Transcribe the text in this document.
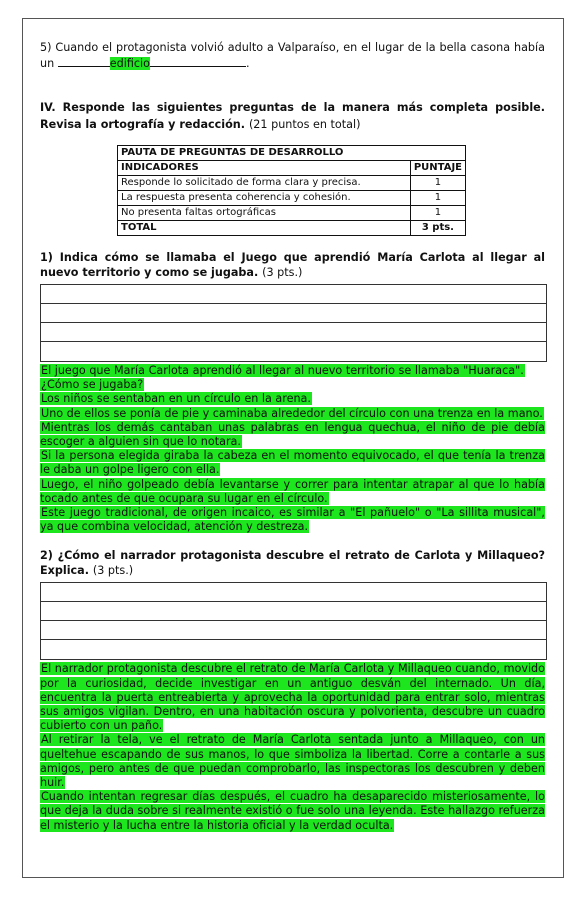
5) Cuando el protagonista volvió adulto a Valparaíso, en el lugar de la bella casona había un	edificio	.

IV. Responde las siguientes preguntas de la manera más completa posible. Revisa la ortografía y redacción. (21 puntos en total)

PAUTA DE PREGUNTAS DE DESARROLLO	
INDICADORES	PUNTAJE
Responde lo solicitado de forma clara y precisa.	1
La respuesta presenta coherencia y cohesión.	1
No presenta faltas ortográficas	1
TOTAL	3 pts.

1) Indica cómo se llamaba el Juego que aprendió María Carlota al llegar al nuevo territorio y como se jugaba. (3 pts.)

El juego que María Carlota aprendió al llegar al nuevo territorio se llamaba "Huaraca".

¿Cómo se jugaba?

Los niños se sentaban en un círculo en la arena.

Uno de ellos se ponía de pie y caminaba alrededor del círculo con una trenza en la mano.

Mientras los demás cantaban unas palabras en lengua quechua, el niño de pie debía escoger a alguien sin que lo notara.

Si la persona elegida giraba la cabeza en el momento equivocado, el que tenía la trenza le daba un golpe ligero con ella.

Luego, el niño golpeado debía levantarse y correr para intentar atrapar al que lo había tocado antes de que ocupara su lugar en el círculo.

Este juego tradicional, de origen incaico, es similar a "El pañuelo" o "La sillita musical", ya que combina velocidad, atención y destreza.

2) ¿Cómo el narrador protagonista descubre el retrato de Carlota y Millaqueo? Explica. (3 pts.)

El narrador protagonista descubre el retrato de María Carlota y Millaqueo cuando, movido por la curiosidad, decide investigar en un antiguo desván del internado. Un día, encuentra la puerta entreabierta y aprovecha la oportunidad para entrar solo, mientras sus amigos vigilan. Dentro, en una habitación oscura y polvorienta, descubre un cuadro cubierto con un paño.

Al retirar la tela, ve el retrato de María Carlota sentada junto a Millaqueo, con un queltehue escapando de sus manos, lo que simboliza la libertad. Corre a contarle a sus amigos, pero antes de que puedan comprobarlo, las inspectoras los descubren y deben huir.

Cuando intentan regresar días después, el cuadro ha desaparecido misteriosamente, lo que deja la duda sobre si realmente existió o fue solo una leyenda. Este hallazgo refuerza el misterio y la lucha entre la historia oficial y la verdad oculta.
